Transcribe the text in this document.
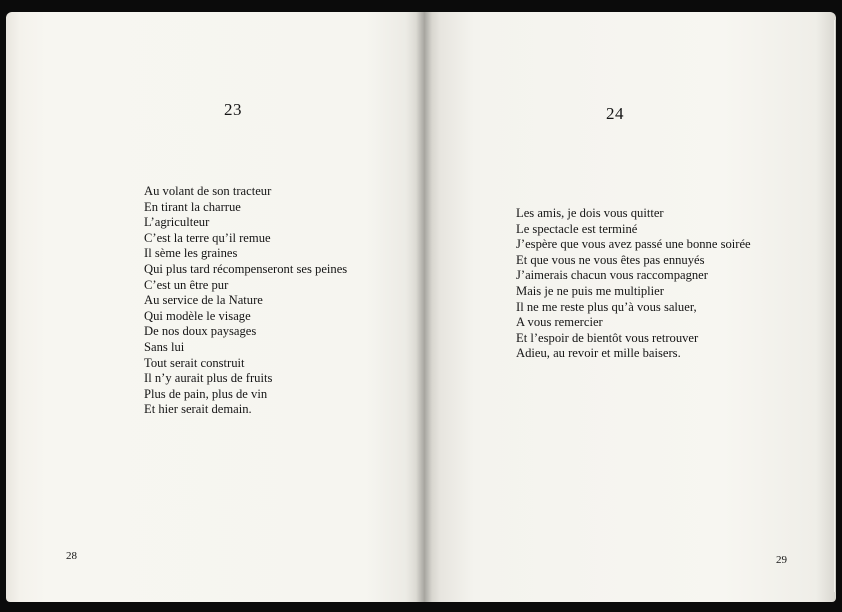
23
Au volant de son tracteur
En tirant la charrue
L’agriculteur
C’est la terre qu’il remue
Il sème les graines
Qui plus tard récompenseront ses peines
C’est un être pur
Au service de la Nature
Qui modèle le visage
De nos doux paysages
Sans lui
Tout serait construit
Il n’y aurait plus de fruits
Plus de pain, plus de vin
Et hier serait demain.
28
24
Les amis, je dois vous quitter
Le spectacle est terminé
J’espère que vous avez passé une bonne soirée
Et que vous ne vous êtes pas ennuyés
J’aimerais chacun vous raccompagner
Mais je ne puis me multiplier
Il ne me reste plus qu’à vous saluer,
A vous remercier
Et l’espoir de bientôt vous retrouver
Adieu, au revoir et mille baisers.
29
